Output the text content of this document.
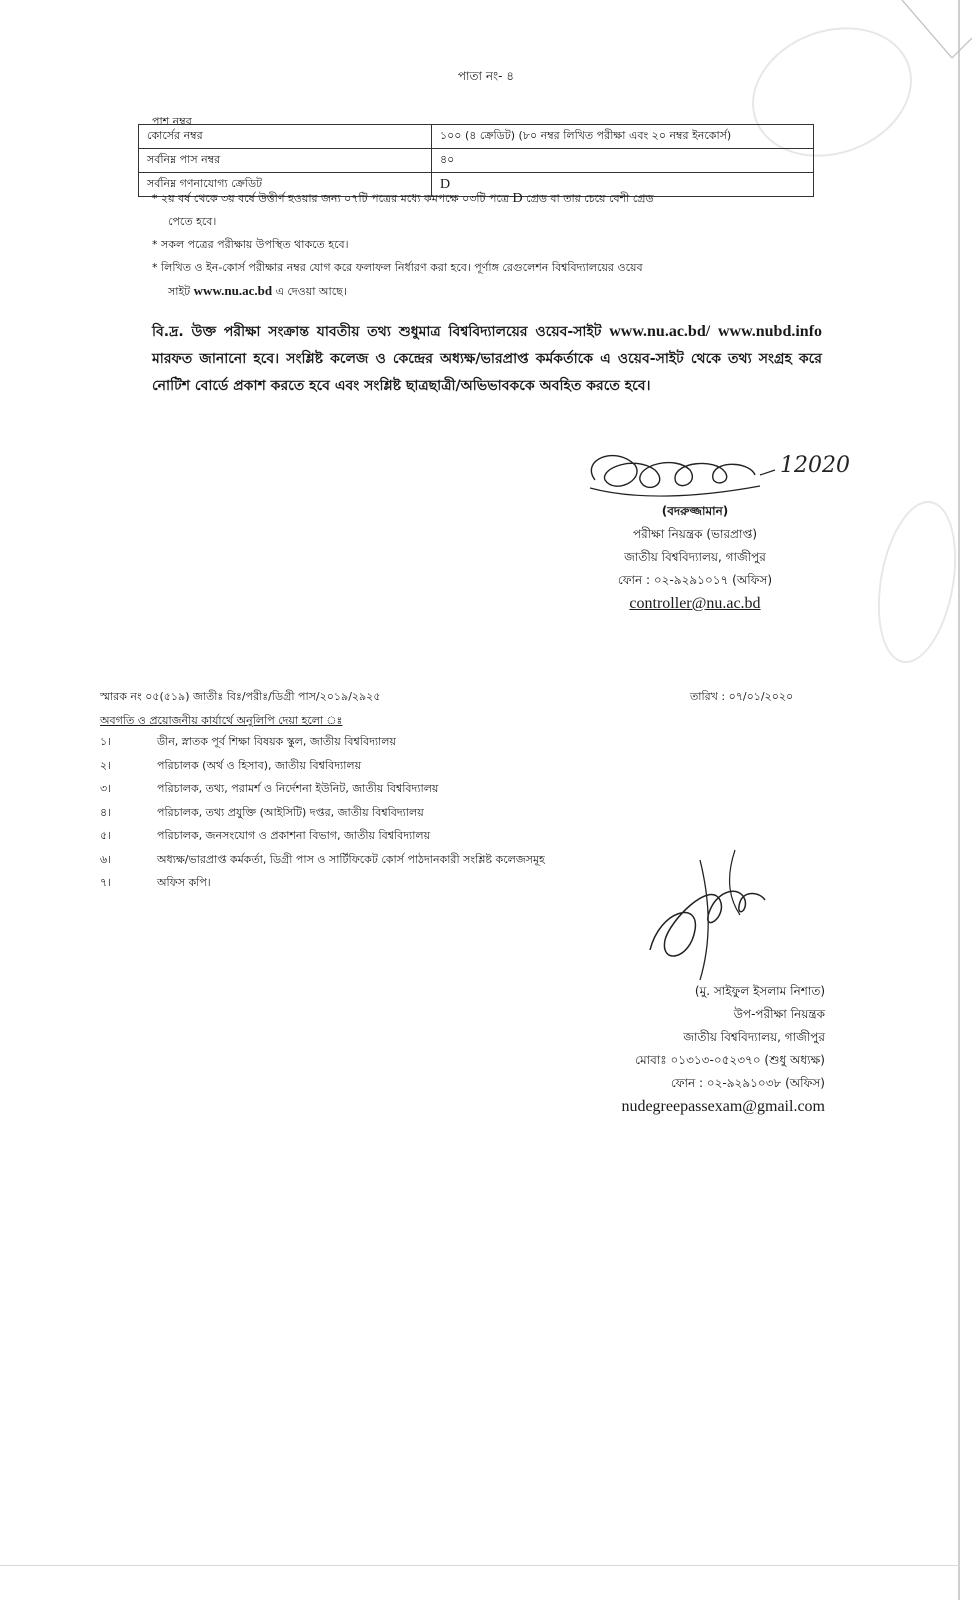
পাতা নং- ৪
পাশ নম্বর
কোর্সের নম্বর	১০০ (৪ ক্রেডিট) (৮০ নম্বর লিখিত পরীক্ষা এবং ২০ নম্বর ইনকোর্স)
সর্বনিম্ন পাস নম্বর	৪০
সর্বনিম্ন গণনাযোগ্য ক্রেডিট	D

* ২য় বর্ষ থেকে ৩য় বর্ষে উত্তীর্ণ হওয়ার জন্য ০৭টি পত্রের মধ্যে কমপক্ষে ০৩টি পত্রে D গ্রেড বা তার চেয়ে বেশী গ্রেড

পেতে হবে।

* সকল পত্রের পরীক্ষায় উপস্থিত থাকতে হবে।

* লিখিত ও ইন-কোর্স পরীক্ষার নম্বর যোগ করে ফলাফল নির্ধারণ করা হবে। পূর্ণাঙ্গ রেগুলেশন বিশ্ববিদ্যালয়ের ওয়েব

সাইট www.nu.ac.bd এ দেওয়া আছে।

বি.দ্র. উক্ত পরীক্ষা সংক্রান্ত যাবতীয় তথ্য শুধুমাত্র বিশ্ববিদ্যালয়ের ওয়েব-সাইট www.nu.ac.bd/ www.nubd.info মারফত জানানো হবে। সংশ্লিষ্ট কলেজ ও কেন্দ্রের অধ্যক্ষ/ভারপ্রাপ্ত কর্মকর্তাকে এ ওয়েব-সাইট থেকে তথ্য সংগ্রহ করে নোটিশ বোর্ডে প্রকাশ করতে হবে এবং সংশ্লিষ্ট ছাত্রছাত্রী/অভিভাবককে অবহিত করতে হবে।
12020
(বদরুজ্জামান)
পরীক্ষা নিয়ন্ত্রক (ভারপ্রাপ্ত)
জাতীয় বিশ্ববিদ্যালয়, গাজীপুর
ফোন : ০২-৯২৯১০১৭ (অফিস)
controller@nu.ac.bd
স্মারক নং ০৫(৫১৯) জাতীঃ বিঃ/পরীঃ/ডিগ্রী পাস/২০১৯/২৯২৫	তারিখ : ০৭/০১/২০২০
অবগতি ও প্রয়োজনীয় কার্যার্থে অনুলিপি দেয়া হলো ঃ
১।	ডীন, স্নাতক পূর্ব শিক্ষা বিষয়ক স্কুল, জাতীয় বিশ্ববিদ্যালয়
২।	পরিচালক (অর্থ ও হিসাব), জাতীয় বিশ্ববিদ্যালয়
৩।	পরিচালক, তথ্য, পরামর্শ ও নির্দেশনা ইউনিট, জাতীয় বিশ্ববিদ্যালয়
৪।	পরিচালক, তথ্য প্রযুক্তি (আইসিটি) দপ্তর, জাতীয় বিশ্ববিদ্যালয়
৫।	পরিচালক, জনসংযোগ ও প্রকাশনা বিভাগ, জাতীয় বিশ্ববিদ্যালয়
৬।	অধ্যক্ষ/ভারপ্রাপ্ত কর্মকর্তা, ডিগ্রী পাস ও সার্টিফিকেট কোর্স পাঠদানকারী সংশ্লিষ্ট কলেজসমূহ
৭।	অফিস কপি।
(মু. সাইফুল ইসলাম নিশাত)
উপ-পরীক্ষা নিয়ন্ত্রক
জাতীয় বিশ্ববিদ্যালয়, গাজীপুর
মোবাঃ ০১৩১৩-০৫২৩৭০ (শুধু অধ্যক্ষ)
ফোন : ০২-৯২৯১০৩৮ (অফিস)
nudegreepassexam@gmail.com
